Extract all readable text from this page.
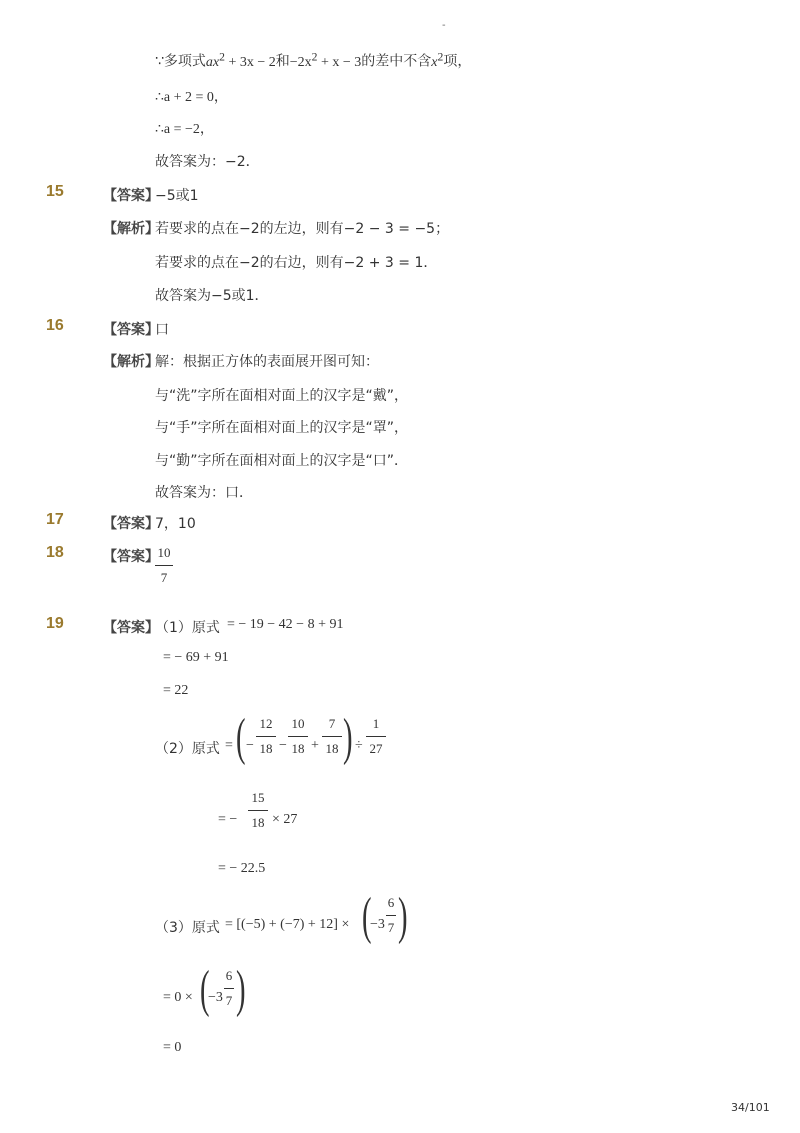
-
∵多项式$ax^2 + 3x - 2$和$-2x^2 + x - 3$的差中不含$x^2$项，
∴a + 2 = 0，
∴a = −2，
故答案为：−2．
15	【答案】
−5或1
【解析】
若要求的点在−2的左边，则有−2 − 3 = −5；
若要求的点在−2的右边，则有−2 + 3 = 1．
故答案为−5或1．
16	【答案】
口
【解析】
解：根据正方体的表面展开图可知：
与“洗”字所在面相对面上的汉字是“戴”，
与“手”字所在面相对面上的汉字是“罩”，
与“勤”字所在面相对面上的汉字是“口”．
故答案为：口．
17	【答案】
7，10
18	【答案】
10
7
19	【答案】
（1）原式 = − 19 − 42 − 8 + 91
= − 69 + 91
= 22
（2）原式 = ( −
12
18 −
10
18 +
7
18 ) ÷
1
27
= −
15
18 × 27
= − 22.5
（3）原式 = [(−5) + (−7) + 12] × (
−3
6
7 )
= 0 × (
−3
6
7 )
= 0
34/101
